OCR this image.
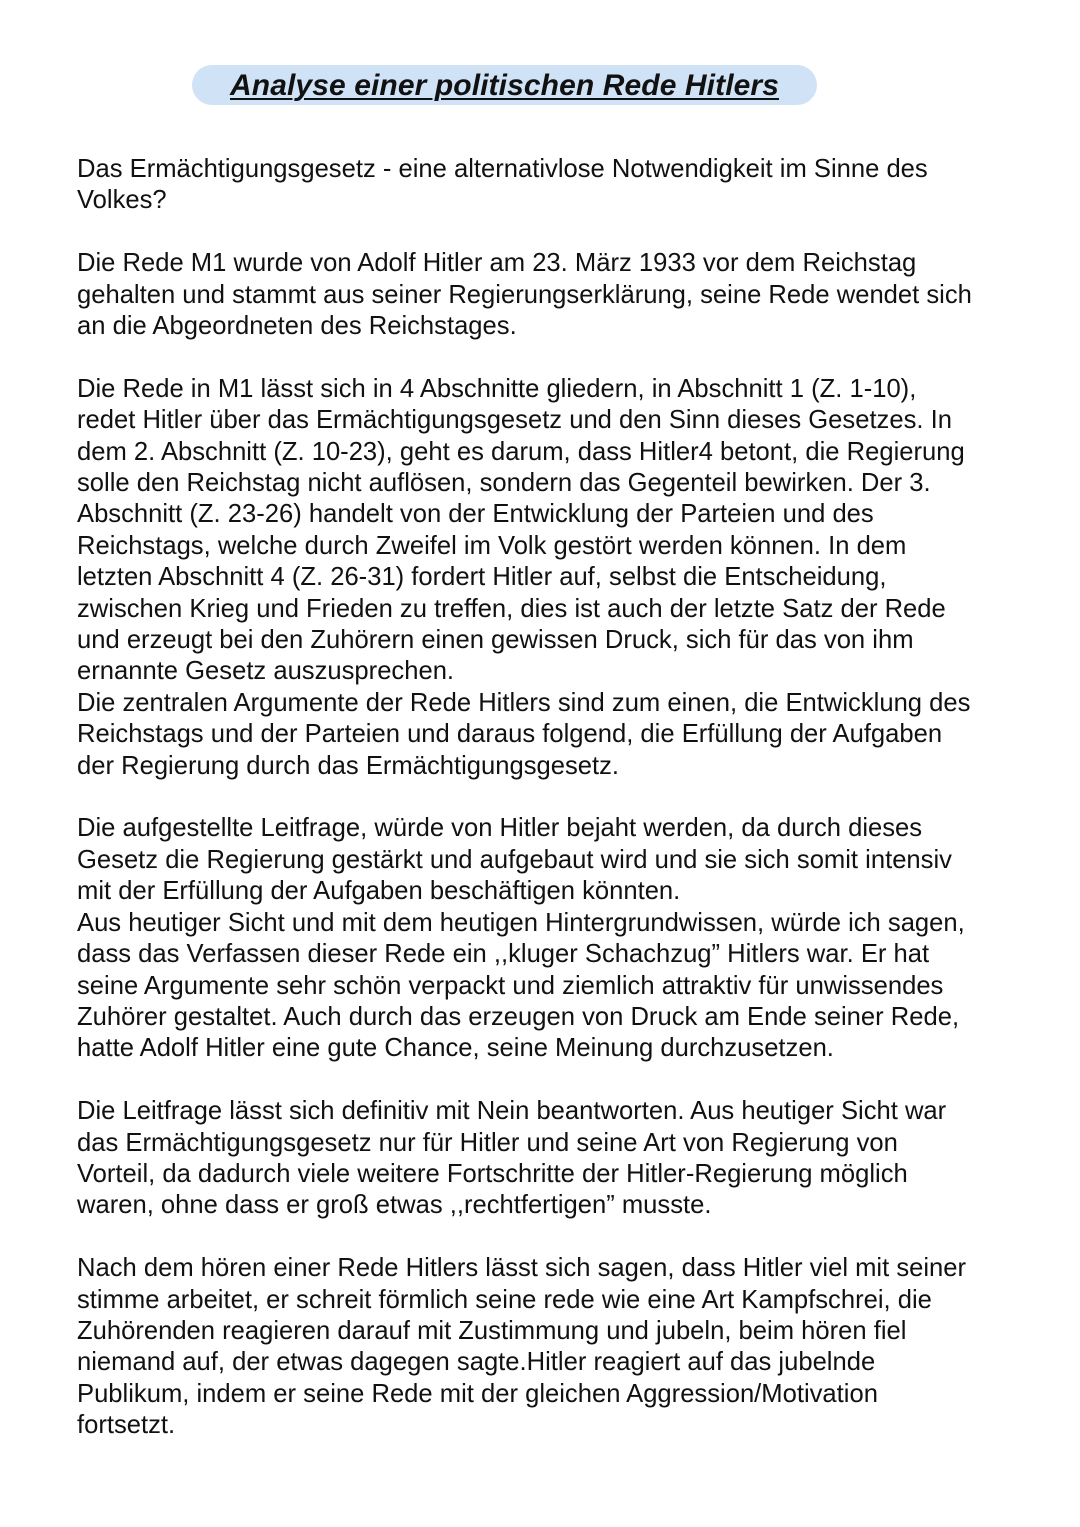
Analyse einer politischen Rede Hitlers

Das Ermächtigungsgesetz - eine alternativlose Notwendigkeit im Sinne des
Volkes?

Die Rede M1 wurde von Adolf Hitler am 23. März 1933 vor dem Reichstag
gehalten und stammt aus seiner Regierungserklärung, seine Rede wendet sich
an die Abgeordneten des Reichstages.

Die Rede in M1 lässt sich in 4 Abschnitte gliedern, in Abschnitt 1 (Z. 1-10),
redet Hitler über das Ermächtigungsgesetz und den Sinn dieses Gesetzes. In
dem 2. Abschnitt (Z. 10-23), geht es darum, dass Hitler4 betont, die Regierung
solle den Reichstag nicht auflösen, sondern das Gegenteil bewirken. Der 3.
Abschnitt (Z. 23-26) handelt von der Entwicklung der Parteien und des
Reichstags, welche durch Zweifel im Volk gestört werden können. In dem
letzten Abschnitt 4 (Z. 26-31) fordert Hitler auf, selbst die Entscheidung,
zwischen Krieg und Frieden zu treffen, dies ist auch der letzte Satz der Rede
und erzeugt bei den Zuhörern einen gewissen Druck, sich für das von ihm
ernannte Gesetz auszusprechen.

Die zentralen Argumente der Rede Hitlers sind zum einen, die Entwicklung des
Reichstags und der Parteien und daraus folgend, die Erfüllung der Aufgaben
der Regierung durch das Ermächtigungsgesetz.

Die aufgestellte Leitfrage, würde von Hitler bejaht werden, da durch dieses
Gesetz die Regierung gestärkt und aufgebaut wird und sie sich somit intensiv
mit der Erfüllung der Aufgaben beschäftigen könnten.

Aus heutiger Sicht und mit dem heutigen Hintergrundwissen, würde ich sagen,
dass das Verfassen dieser Rede ein ,,kluger Schachzug” Hitlers war. Er hat
seine Argumente sehr schön verpackt und ziemlich attraktiv für unwissendes
Zuhörer gestaltet. Auch durch das erzeugen von Druck am Ende seiner Rede,
hatte Adolf Hitler eine gute Chance, seine Meinung durchzusetzen.

Die Leitfrage lässt sich definitiv mit Nein beantworten. Aus heutiger Sicht war
das Ermächtigungsgesetz nur für Hitler und seine Art von Regierung von
Vorteil, da dadurch viele weitere Fortschritte der Hitler-Regierung möglich
waren, ohne dass er groß etwas ,,rechtfertigen” musste.

Nach dem hören einer Rede Hitlers lässt sich sagen, dass Hitler viel mit seiner
stimme arbeitet, er schreit förmlich seine rede wie eine Art Kampfschrei, die
Zuhörenden reagieren darauf mit Zustimmung und jubeln, beim hören fiel
niemand auf, der etwas dagegen sagte.Hitler reagiert auf das jubelnde
Publikum, indem er seine Rede mit der gleichen Aggression/Motivation
fortsetzt.
